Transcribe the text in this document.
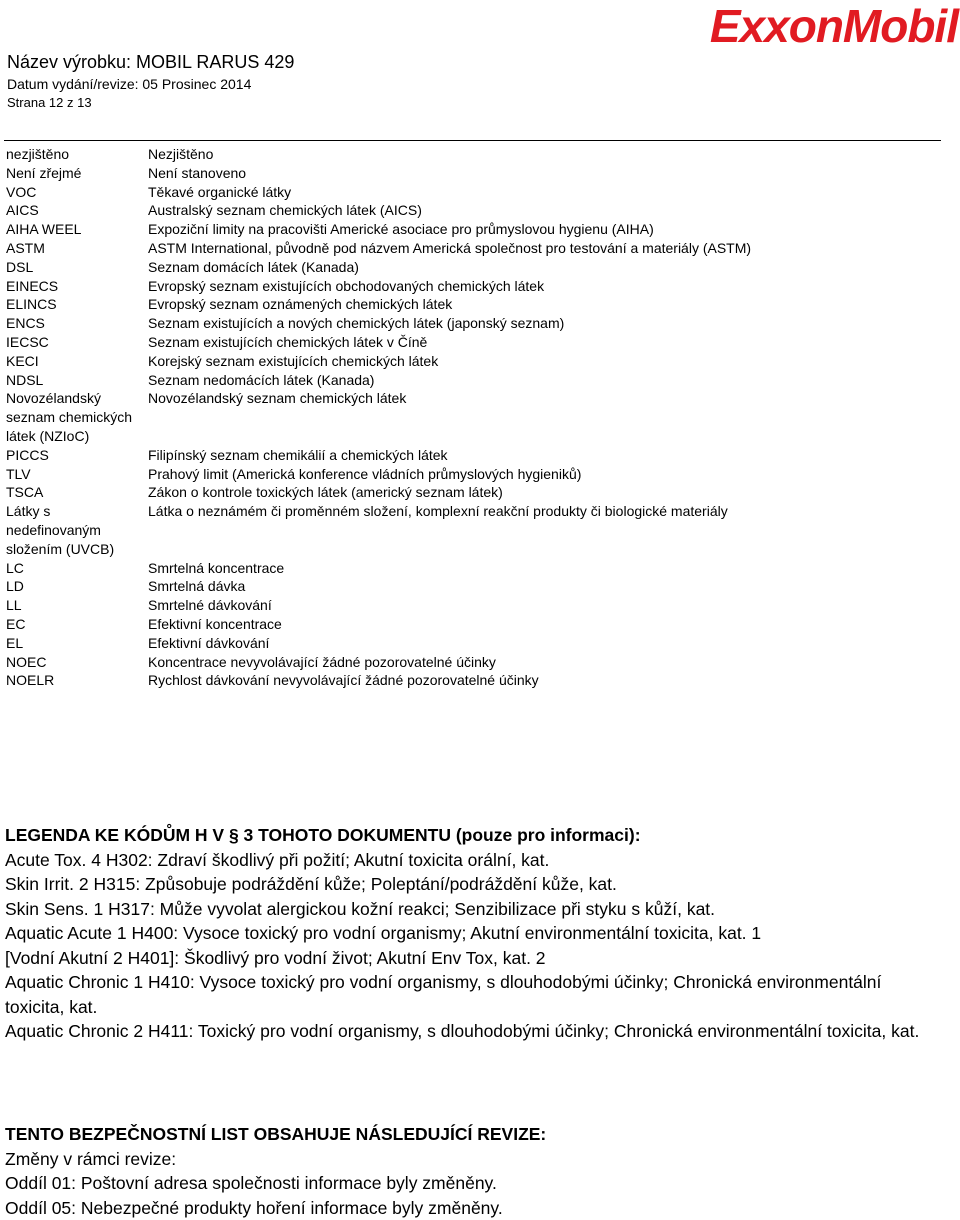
ExxonMobil
Název výrobku: MOBIL RARUS 429
Datum vydání/revize: 05 Prosinec 2014
Strana 12 z 13
nezjištěno	Nezjištěno
Není zřejmé	Není stanoveno
VOC	Těkavé organické látky
AICS	Australský seznam chemických látek (AICS)
AIHA WEEL	Expoziční limity na pracovišti Americké asociace pro průmyslovou hygienu (AIHA)
ASTM	ASTM International, původně pod názvem Americká společnost pro testování a materiály (ASTM)
DSL	Seznam domácích látek (Kanada)
EINECS	Evropský seznam existujících obchodovaných chemických látek
ELINCS	Evropský seznam oznámených chemických látek
ENCS	Seznam existujících a nových chemických látek (japonský seznam)
IECSC	Seznam existujících chemických látek v Číně
KECI	Korejský seznam existujících chemických látek
NDSL	Seznam nedomácích látek (Kanada)
Novozélandský seznam chemických látek (NZIoC)	Novozélandský seznam chemických látek
PICCS	Filipínský seznam chemikálií a chemických látek
TLV	Prahový limit (Americká konference vládních průmyslových hygieniků)
TSCA	Zákon o kontrole toxických látek (americký seznam látek)
Látky s nedefinovaným složením (UVCB)	Látka o neznámém či proměnném složení, komplexní reakční produkty či biologické materiály
LC	Smrtelná koncentrace
LD	Smrtelná dávka
LL	Smrtelné dávkování
EC	Efektivní koncentrace
EL	Efektivní dávkování
NOEC	Koncentrace nevyvolávající žádné pozorovatelné účinky
NOELR	Rychlost dávkování nevyvolávající žádné pozorovatelné účinky
LEGENDA KE KÓDŮM H V § 3 TOHOTO DOKUMENTU (pouze pro informaci):
Acute Tox. 4 H302: Zdraví škodlivý při požití; Akutní toxicita orální, kat.
Skin Irrit. 2 H315: Způsobuje podráždění kůže; Poleptání/podráždění kůže, kat.
Skin Sens. 1 H317: Může vyvolat alergickou kožní reakci; Senzibilizace při styku s kůží, kat.
Aquatic Acute 1 H400: Vysoce toxický pro vodní organismy; Akutní environmentální toxicita, kat. 1
[Vodní Akutní 2 H401]: Škodlivý pro vodní život; Akutní Env Tox, kat. 2
Aquatic Chronic 1 H410: Vysoce toxický pro vodní organismy, s dlouhodobými účinky; Chronická environmentální toxicita, kat.
Aquatic Chronic 2 H411: Toxický pro vodní organismy, s dlouhodobými účinky; Chronická environmentální toxicita, kat.
TENTO BEZPEČNOSTNÍ LIST OBSAHUJE NÁSLEDUJÍCÍ REVIZE:
Změny v rámci revize:
Oddíl 01: Poštovní adresa společnosti informace byly změněny.
Oddíl 05: Nebezpečné produkty hoření informace byly změněny.
